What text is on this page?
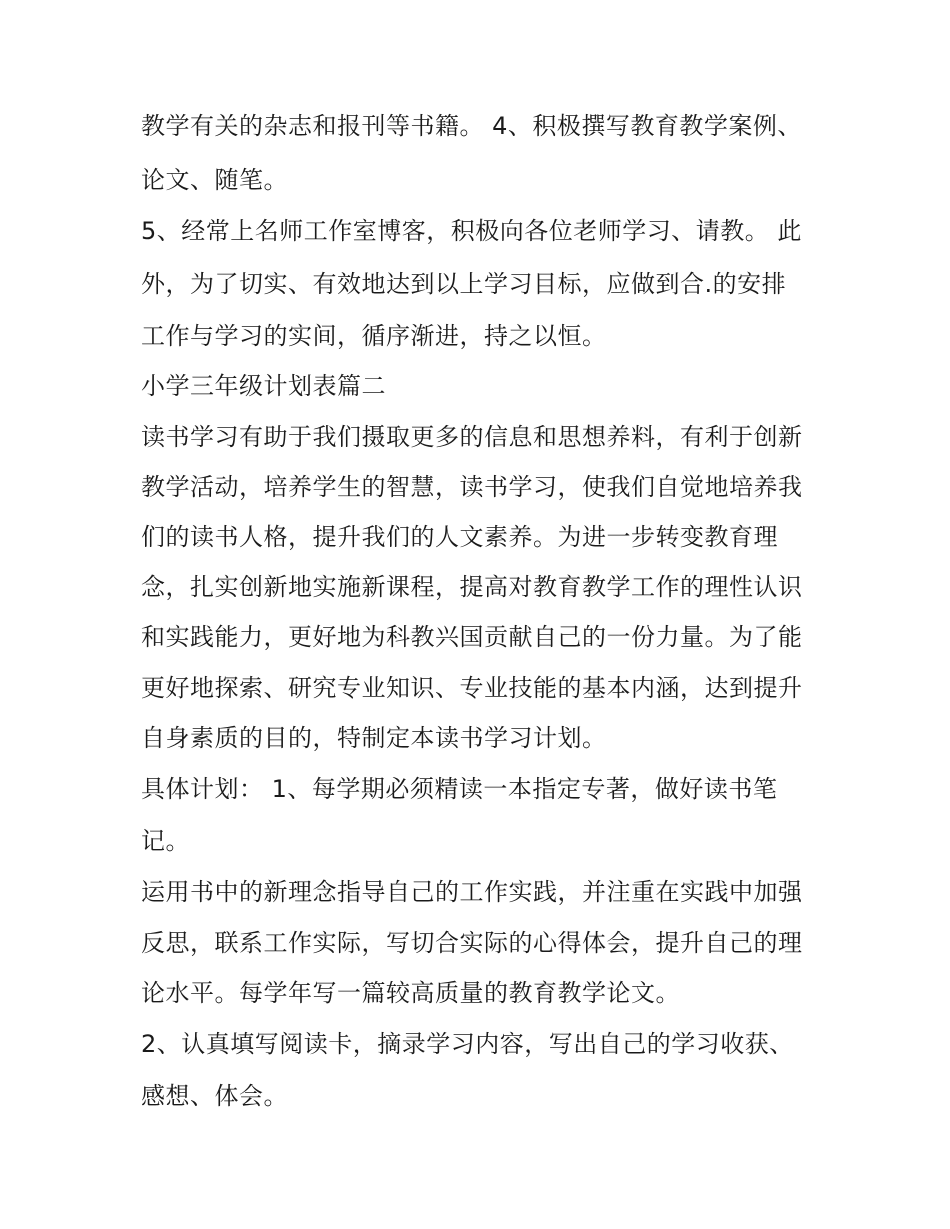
教学有关的杂志和报刊等书籍。 4、积极撰写教育教学案例、
论文、随笔。
5、经常上名师工作室博客，积极向各位老师学习、请教。 此
外，为了切实、有效地达到以上学习目标，应做到合.的安排
工作与学习的实间，循序渐进，持之以恒。
小学三年级计划表篇二
读书学习有助于我们摄取更多的信息和思想养料，有利于创新
教学活动，培养学生的智慧，读书学习，使我们自觉地培养我
们的读书人格，提升我们的人文素养。为进一步转变教育理
念，扎实创新地实施新课程，提高对教育教学工作的理性认识
和实践能力，更好地为科教兴国贡献自己的一份力量。为了能
更好地探索、研究专业知识、专业技能的基本内涵，达到提升
自身素质的目的，特制定本读书学习计划。
具体计划： 1、每学期必须精读一本指定专著，做好读书笔
记。
运用书中的新理念指导自己的工作实践，并注重在实践中加强
反思，联系工作实际，写切合实际的心得体会，提升自己的理
论水平。每学年写一篇较高质量的教育教学论文。
2、认真填写阅读卡，摘录学习内容，写出自己的学习收获、
感想、体会。
